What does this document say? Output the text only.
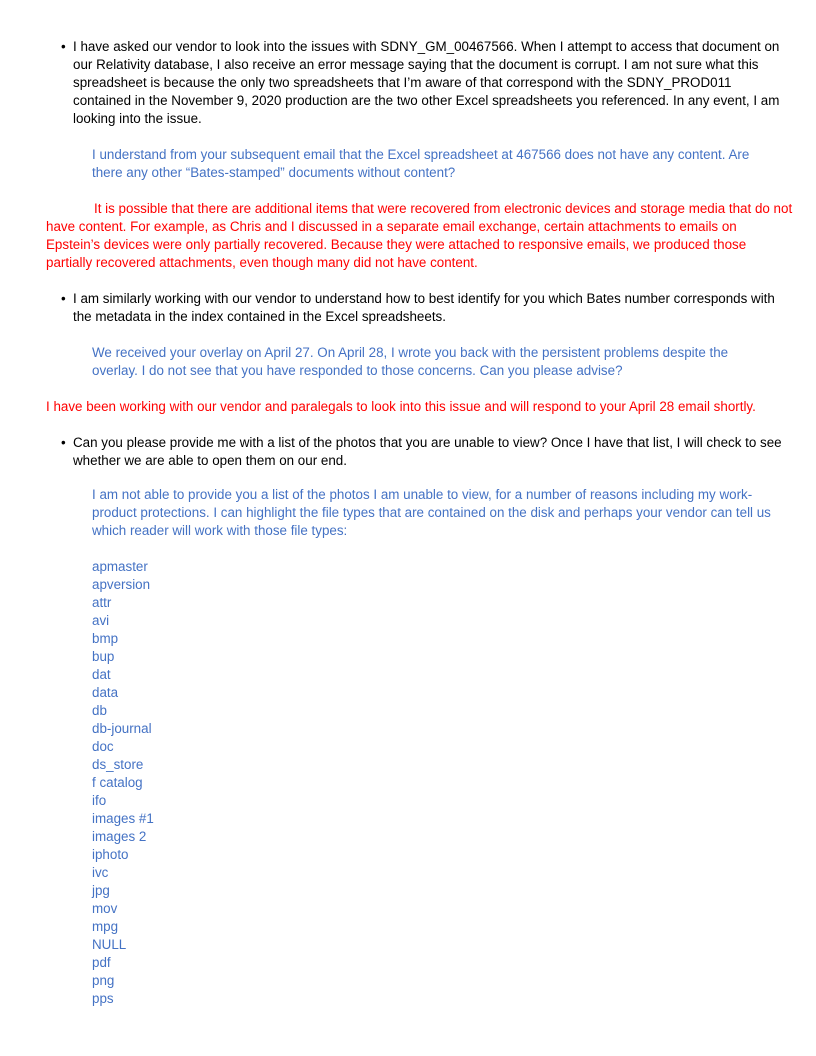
• I have asked our vendor to look into the issues with SDNY_GM_00467566. When I attempt to access that document on our Relativity database, I also receive an error message saying that the document is corrupt. I am not sure what this spreadsheet is because the only two spreadsheets that I’m aware of that correspond with the SDNY_PROD011 contained in the November 9, 2020 production are the two other Excel spreadsheets you referenced. In any event, I am looking into the issue.

I understand from your subsequent email that the Excel spreadsheet at 467566 does not have any content. Are there any other “Bates-stamped” documents without content?

It is possible that there are additional items that were recovered from electronic devices and storage media that do not have content. For example, as Chris and I discussed in a separate email exchange, certain attachments to emails on Epstein’s devices were only partially recovered. Because they were attached to responsive emails, we produced those partially recovered attachments, even though many did not have content.

• I am similarly working with our vendor to understand how to best identify for you which Bates number corresponds with the metadata in the index contained in the Excel spreadsheets.

We received your overlay on April 27. On April 28, I wrote you back with the persistent problems despite the overlay. I do not see that you have responded to those concerns. Can you please advise?

I have been working with our vendor and paralegals to look into this issue and will respond to your April 28 email shortly.

• Can you please provide me with a list of the photos that you are unable to view? Once I have that list, I will check to see whether we are able to open them on our end.

I am not able to provide you a list of the photos I am unable to view, for a number of reasons including my work-product protections. I can highlight the file types that are contained on the disk and perhaps your vendor can tell us which reader will work with those file types:

apmaster
apversion
attr
avi
bmp
bup
dat
data
db
db-journal
doc
ds_store
f catalog
ifo
images #1
images 2
iphoto
ivc
jpg
mov
mpg
NULL
pdf
png
pps
